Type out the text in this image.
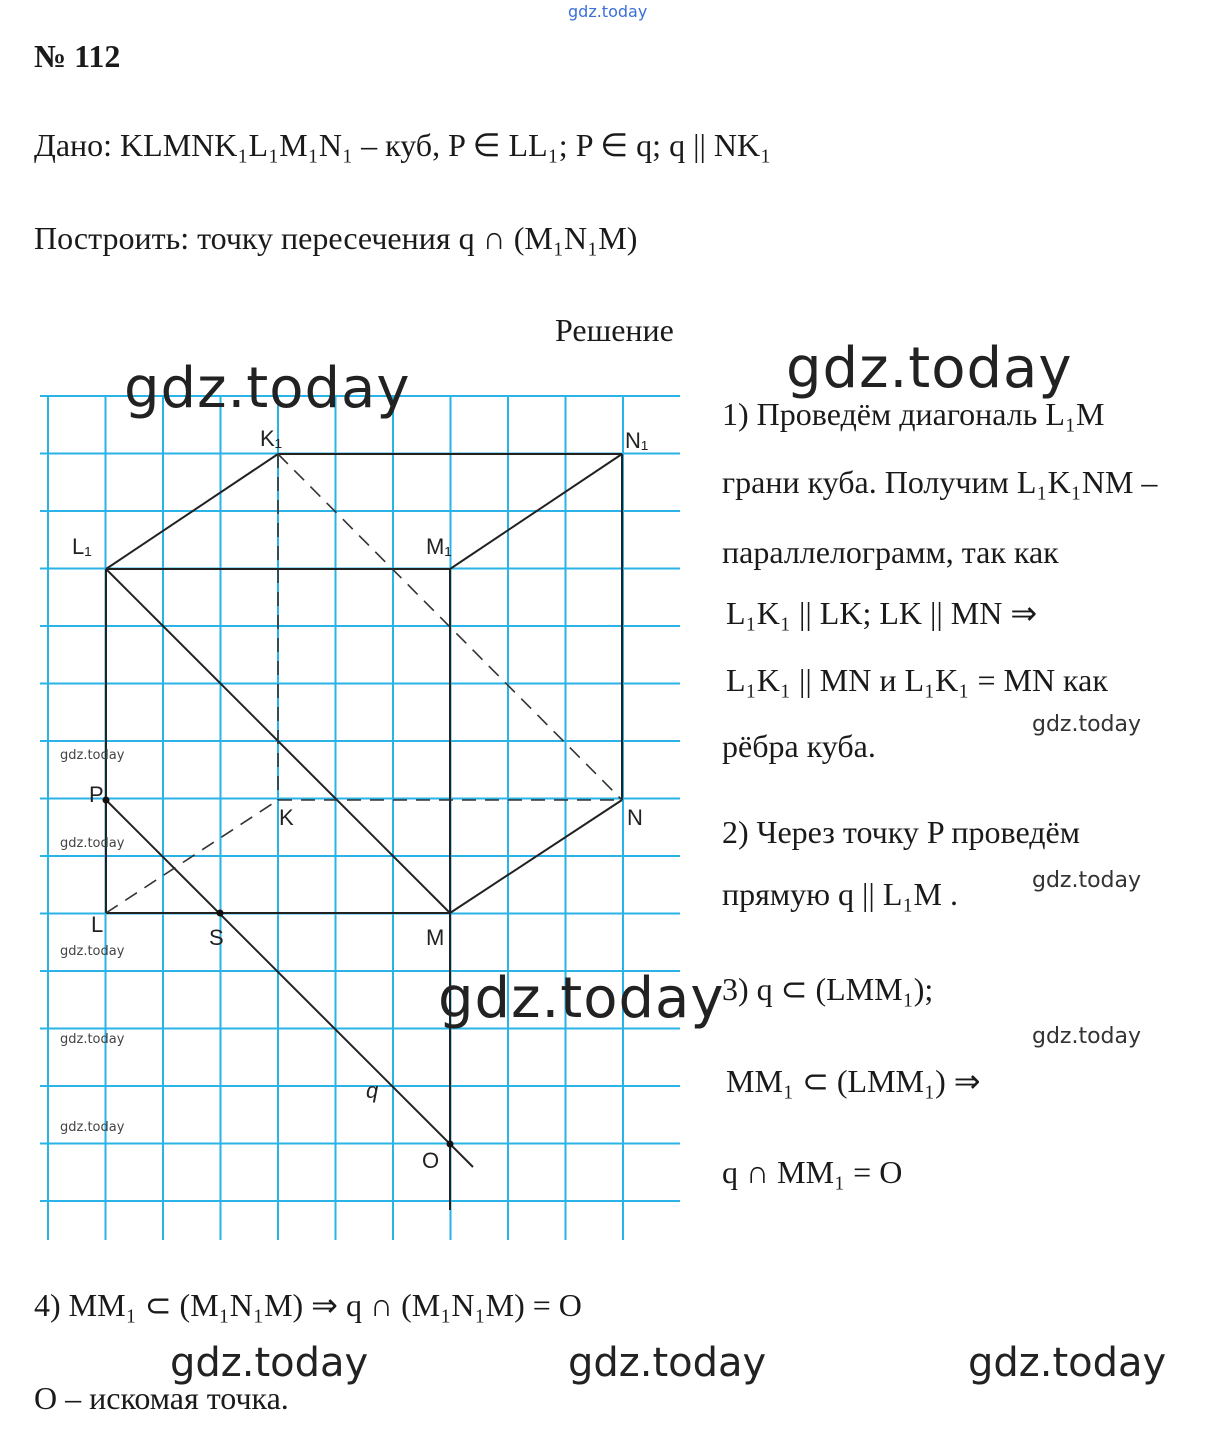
gdz.today
№ 112
Дано: KLMNK₁L₁M₁N₁ – куб, P ∈ LL₁; P ∈ q; q || NK₁
Построить: точку пересечения q ∩ (M₁N₁M)
Решение
K₁	N₁
L₁	M₁
P
K	N
L
S	M
q
O
gdz.today	gdz.today
gdz.today
gdz.today
gdz.today
gdz.today
gdz.today
gdz.today
1) Проведём диагональ L₁M
грани куба. Получим L₁K₁NM –
параллелограмм, так как
L₁K₁ || LK; LK || MN ⇒
L₁K₁ || MN и L₁K₁ = MN как
gdz.today
рёбра куба.
2) Через точку P проведём
прямую q || L₁M .	gdz.today
3) q ⊂ (LMM₁);
gdz.today
MM₁ ⊂ (LMM₁) ⇒
q ∩ MM₁ = O
4) MM₁ ⊂ (M₁N₁M) ⇒ q ∩ (M₁N₁M) = O
gdz.today	gdz.today	gdz.today
O – искомая точка.
